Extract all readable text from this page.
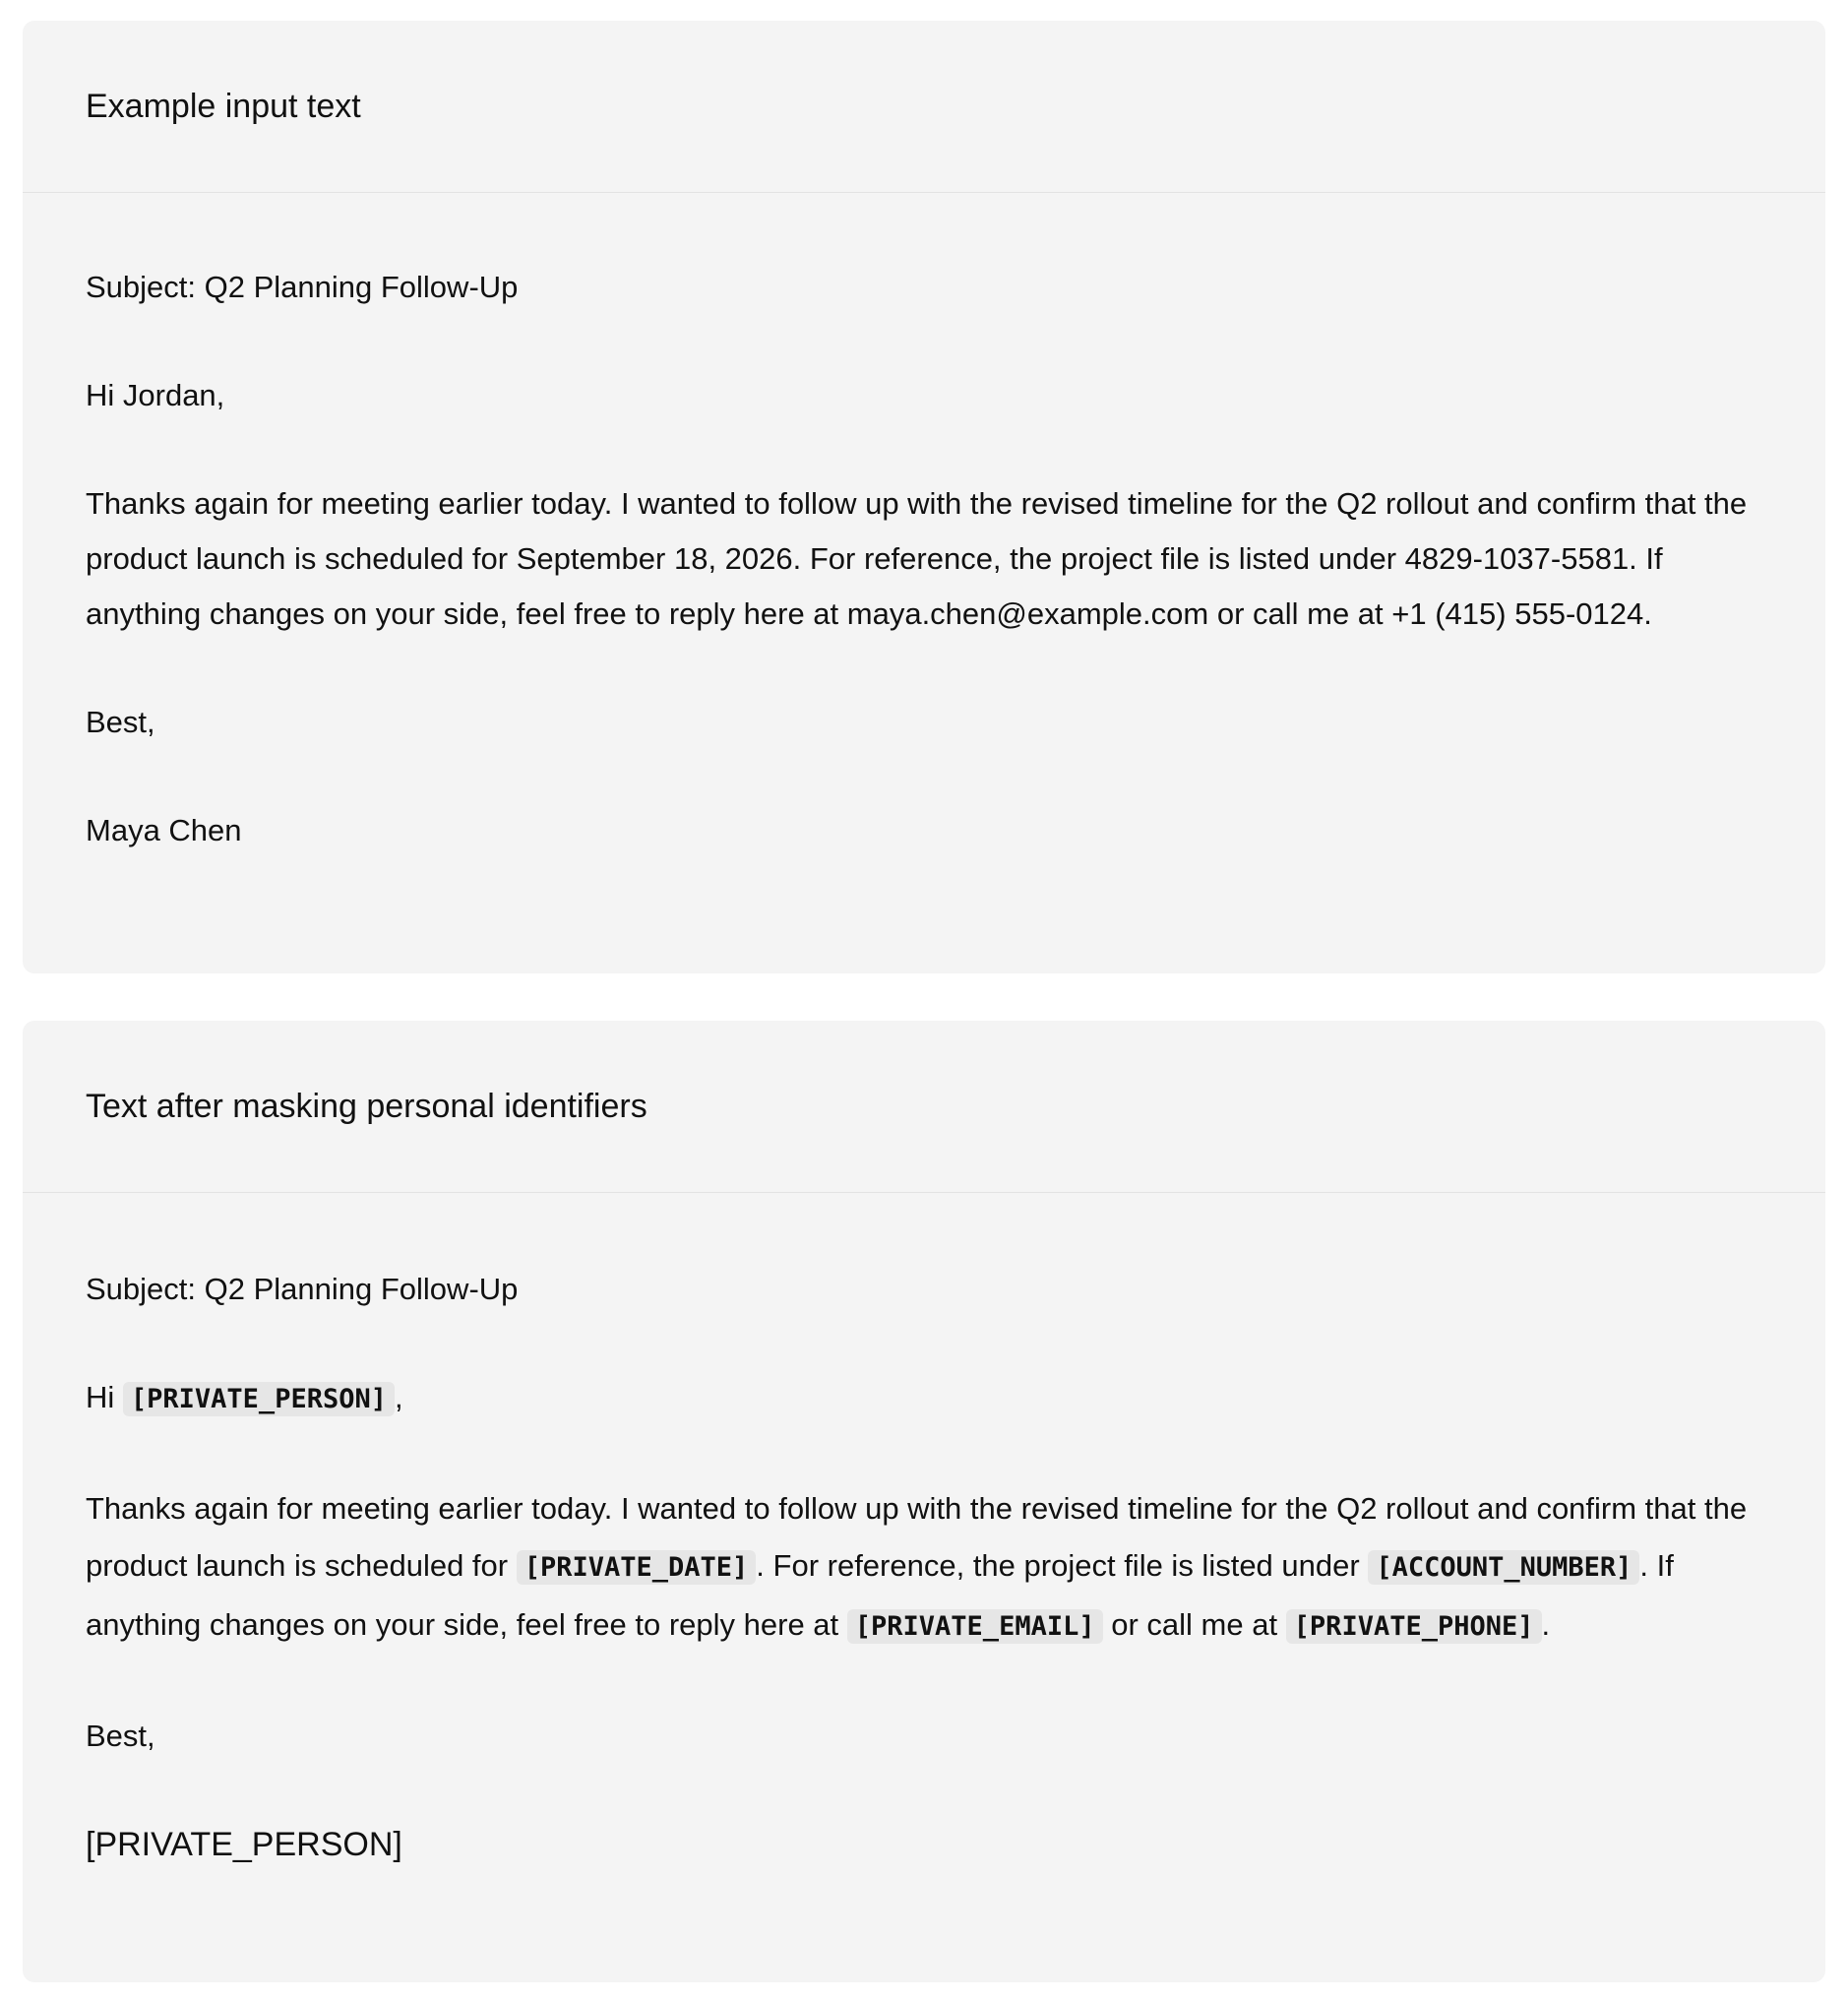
Example input text

Subject: Q2 Planning Follow-Up

Hi Jordan,

Thanks again for meeting earlier today. I wanted to follow up with the revised timeline for the Q2 rollout and confirm that the product launch is scheduled for September 18, 2026. For reference, the project file is listed under 4829-1037-5581. If anything changes on your side, feel free to reply here at maya.chen@example.com or call me at +1 (415) 555-0124.

Best,

Maya Chen

Text after masking personal identifiers

Subject: Q2 Planning Follow-Up

Hi [PRIVATE_PERSON] ,

Thanks again for meeting earlier today. I wanted to follow up with the revised timeline for the Q2 rollout and confirm that the product launch is scheduled for [PRIVATE_DATE] . For reference, the project file is listed under [ACCOUNT_NUMBER] . If anything changes on your side, feel free to reply here at [PRIVATE_EMAIL] or call me at [PRIVATE_PHONE] .

Best,

[PRIVATE_PERSON]
